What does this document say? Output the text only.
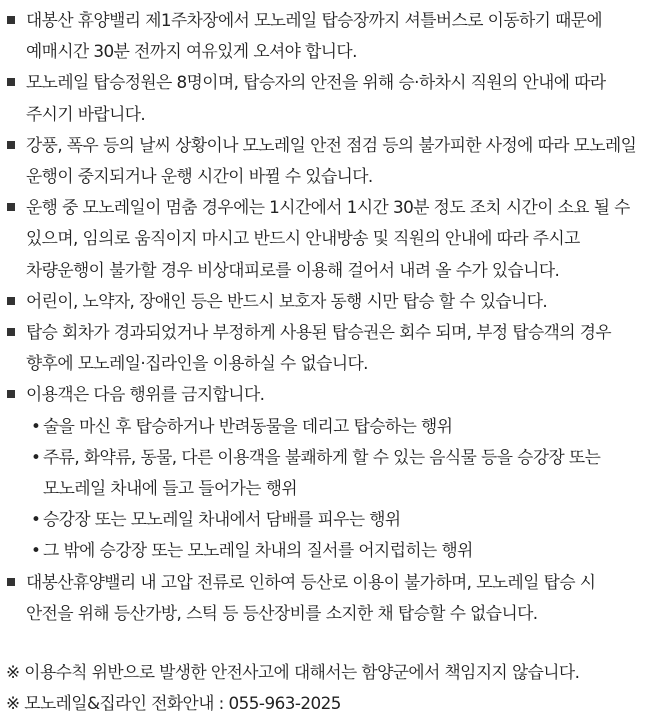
대봉산 휴양밸리 제1주차장에서 모노레일 탑승장까지 셔틀버스로 이동하기 때문에 예매시간 30분 전까지 여유있게 오셔야 합니다.
모노레일 탑승정원은 8명이며, 탑승자의 안전을 위해 승·하차시 직원의 안내에 따라 주시기 바랍니다.
강풍, 폭우 등의 날씨 상황이나 모노레일 안전 점검 등의 불가피한 사정에 따라 모노레일 운행이 중지되거나 운행 시간이 바뀔 수 있습니다.
운행 중 모노레일이 멈춤 경우에는 1시간에서 1시간 30분 정도 조치 시간이 소요 될 수 있으며, 임의로 움직이지 마시고 반드시 안내방송 및 직원의 안내에 따라 주시고 차량운행이 불가할 경우 비상대피로를 이용해 걸어서 내려 올 수가 있습니다.
어린이, 노약자, 장애인 등은 반드시 보호자 동행 시만 탑승 할 수 있습니다.
탑승 회차가 경과되었거나 부정하게 사용된 탑승권은 회수 되며, 부정 탑승객의 경우 향후에 모노레일·집라인을 이용하실 수 없습니다.
이용객은 다음 행위를 금지합니다.
• 술을 마신 후 탑승하거나 반려동물을 데리고 탑승하는 행위
• 주류, 화약류, 동물, 다른 이용객을 불쾌하게 할 수 있는 음식물 등을 승강장 또는 모노레일 차내에 들고 들어가는 행위
• 승강장 또는 모노레일 차내에서 담배를 피우는 행위
• 그 밖에 승강장 또는 모노레일 차내의 질서를 어지럽히는 행위
대봉산휴양밸리 내 고압 전류로 인하여 등산로 이용이 불가하며, 모노레일 탑승 시 안전을 위해 등산가방, 스틱 등 등산장비를 소지한 채 탑승할 수 없습니다.
※ 이용수칙 위반으로 발생한 안전사고에 대해서는 함양군에서 책임지지 않습니다.
※ 모노레일&집라인 전화안내 : 055-963-2025
